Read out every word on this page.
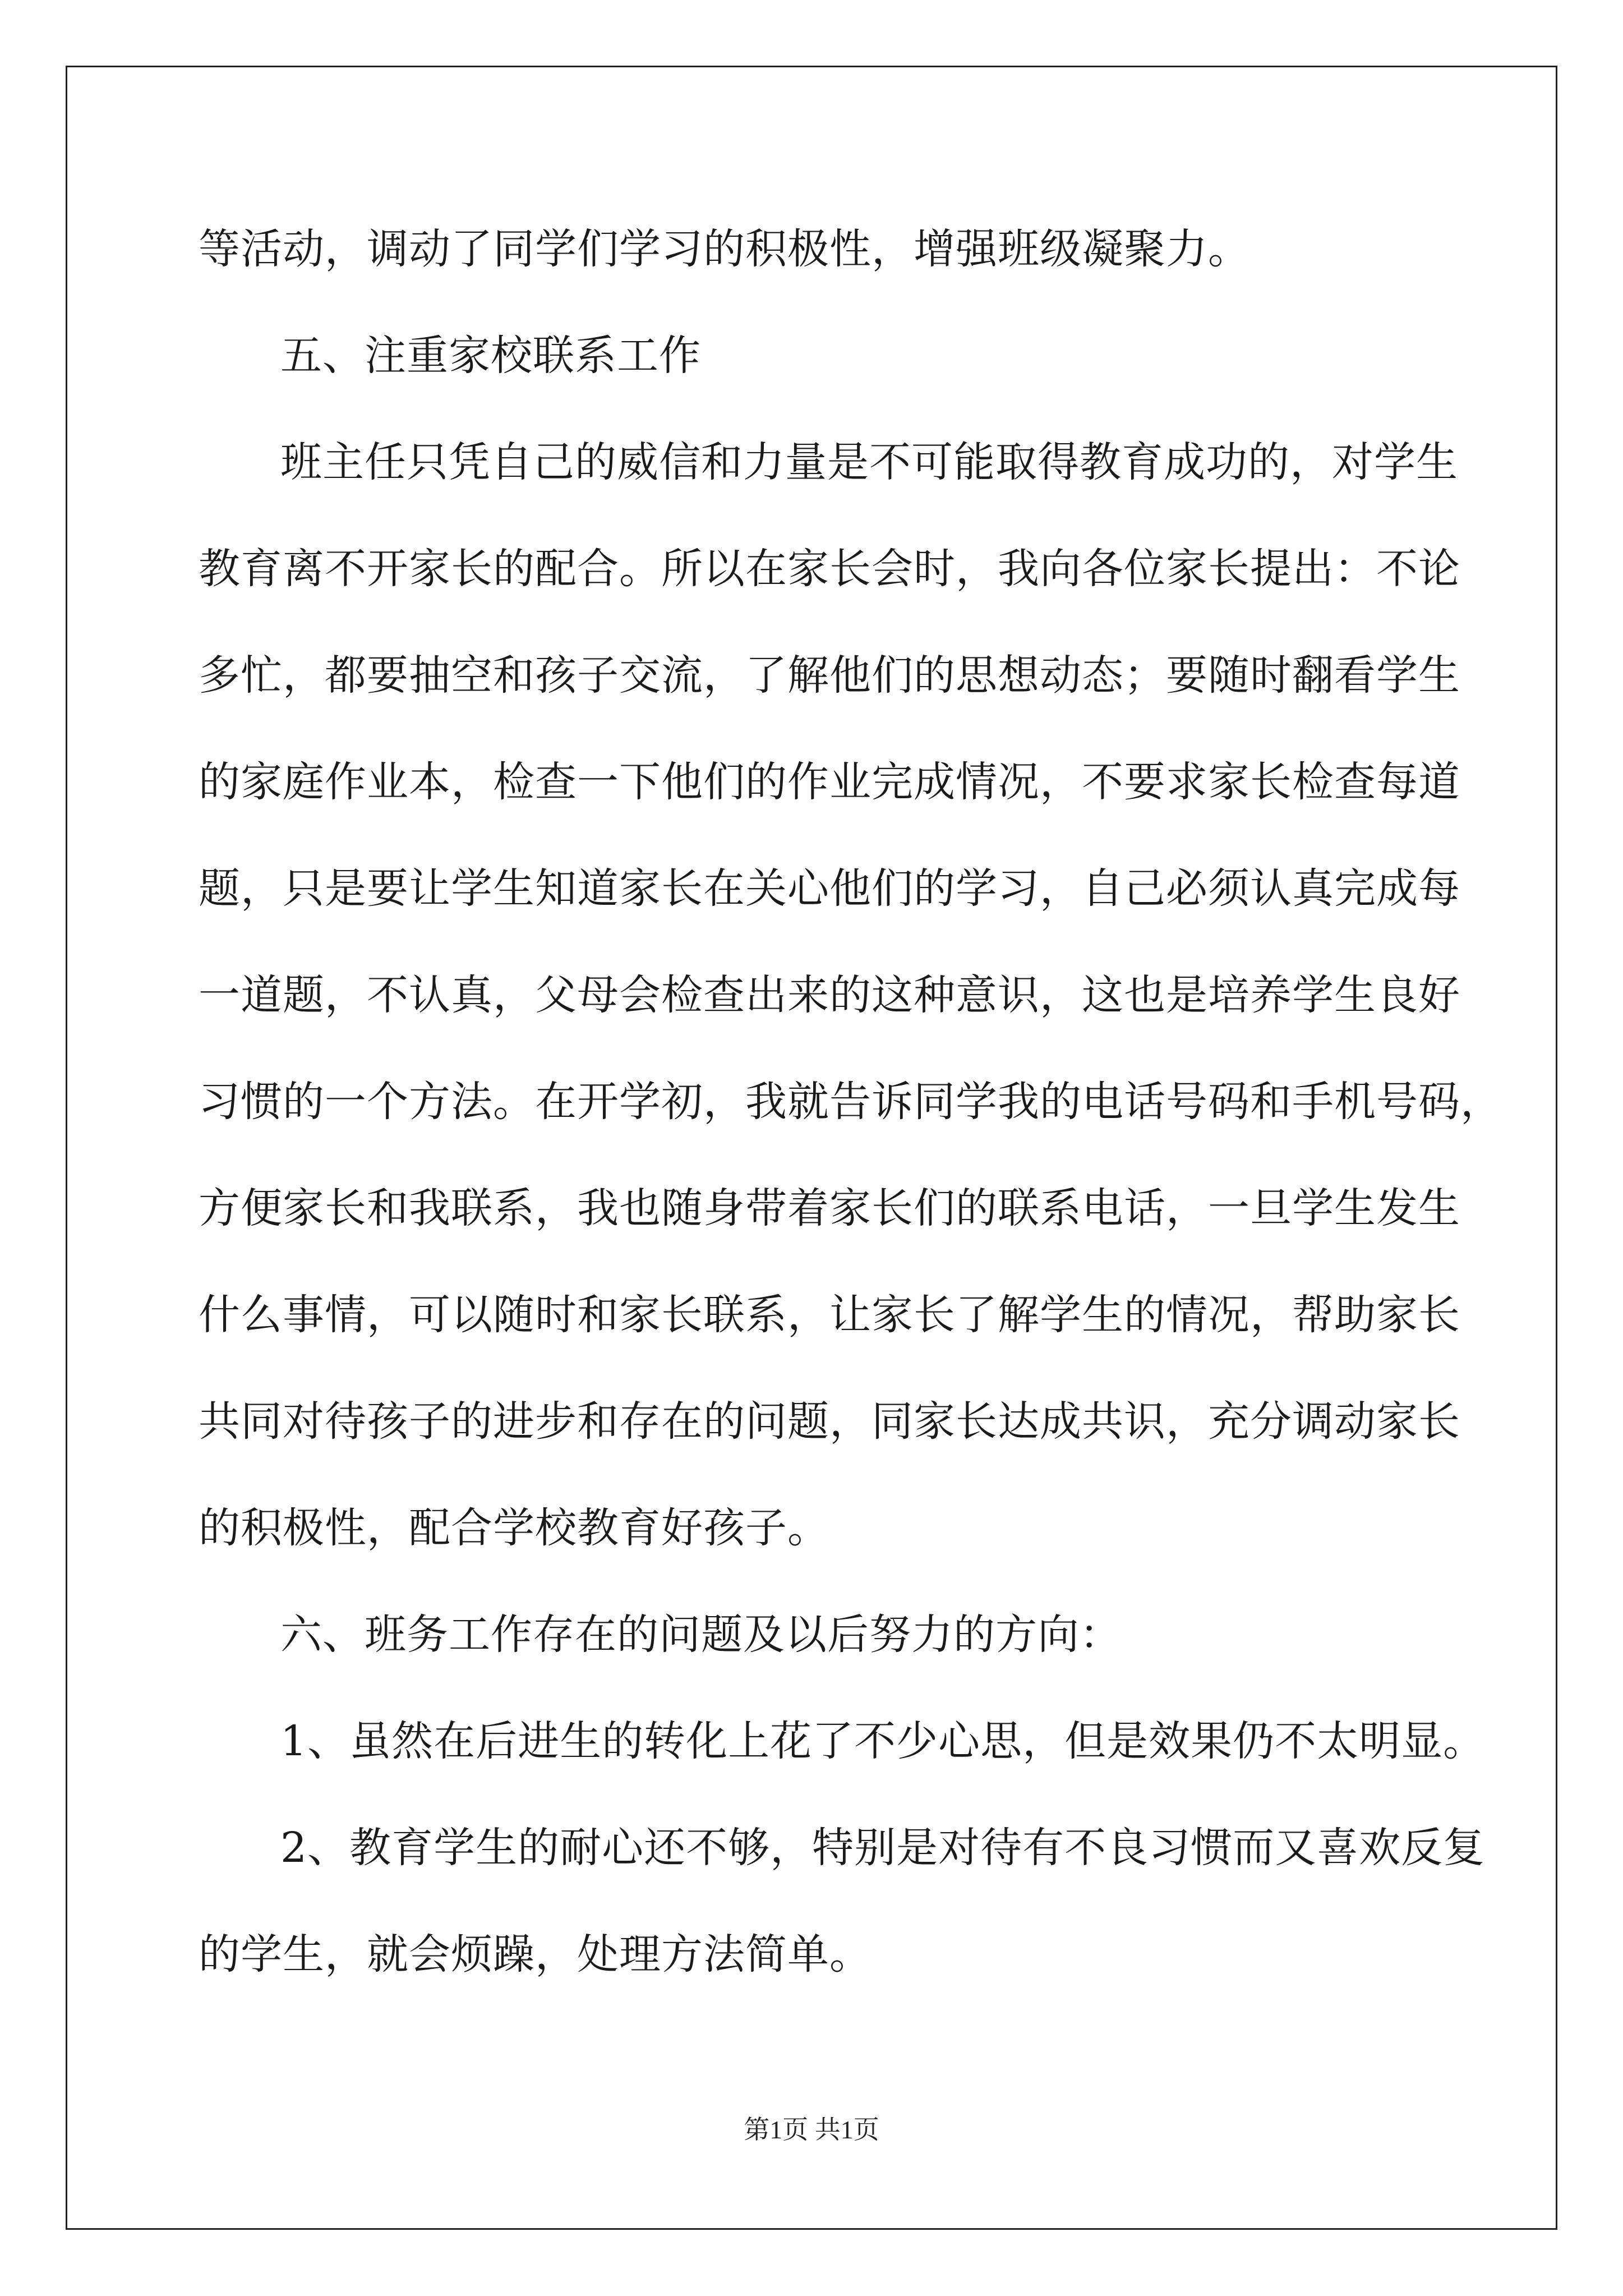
等活动，调动了同学们学习的积极性，增强班级凝聚力。
五、注重家校联系工作
班主任只凭自己的威信和力量是不可能取得教育成功的，对学生
教育离不开家长的配合。所以在家长会时，我向各位家长提出：不论
多忙，都要抽空和孩子交流，了解他们的思想动态；要随时翻看学生
的家庭作业本，检查一下他们的作业完成情况，不要求家长检查每道
题，只是要让学生知道家长在关心他们的学习，自己必须认真完成每
一道题，不认真，父母会检查出来的这种意识，这也是培养学生良好
习惯的一个方法。在开学初，我就告诉同学我的电话号码和手机号码，
方便家长和我联系，我也随身带着家长们的联系电话，一旦学生发生
什么事情，可以随时和家长联系，让家长了解学生的情况，帮助家长
共同对待孩子的进步和存在的问题，同家长达成共识，充分调动家长
的积极性，配合学校教育好孩子。
六、班务工作存在的问题及以后努力的方向：
1、虽然在后进生的转化上花了不少心思，但是效果仍不太明显。
2、教育学生的耐心还不够，特别是对待有不良习惯而又喜欢反复
的学生，就会烦躁，处理方法简单。
第1页 共1页
